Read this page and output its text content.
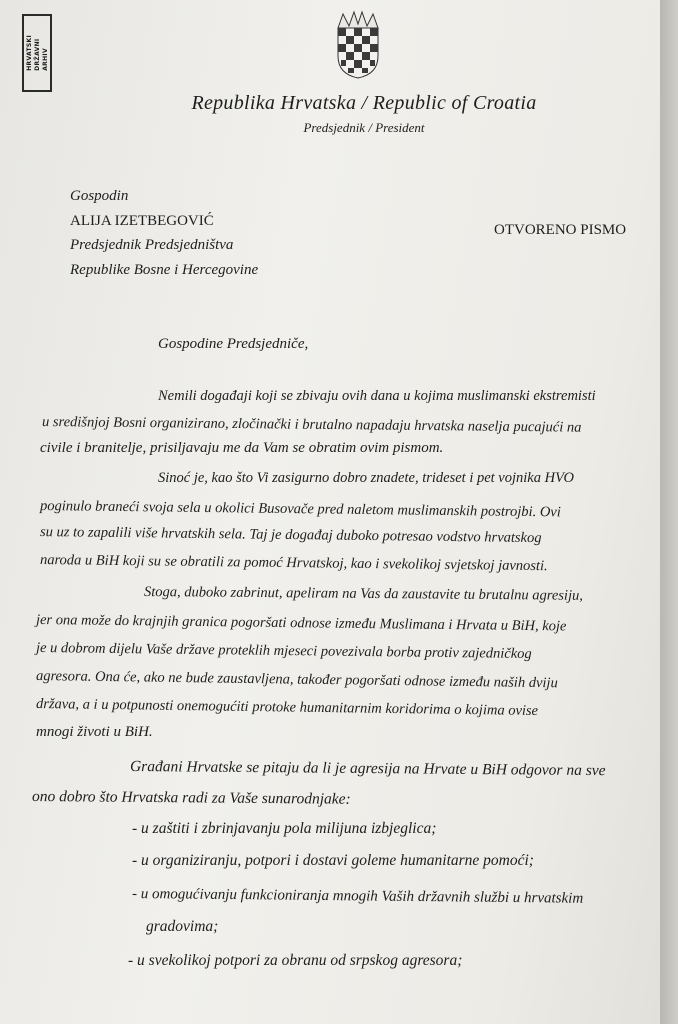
HRVATSKI DRŽAVNI ARHIV
Republika Hrvatska / Republic of Croatia
Predsjednik / President
Gospodin
ALIJA IZETBEGOVIĆ
Predsjednik Predsjedništva
Republike Bosne i Hercegovine
OTVORENO PISMO
Gospodine Predsjedniče,
Nemili događaji koji se zbivaju ovih dana u kojima muslimanski ekstremisti
u središnjoj Bosni organizirano, zločinački i brutalno napadaju hrvatska naselja pucajući na
civile i branitelje, prisiljavaju me da Vam se obratim ovim pismom.
Sinoć je, kao što Vi zasigurno dobro znadete, trideset i pet vojnika HVO
poginulo braneći svoja sela u okolici Busovače pred naletom muslimanskih postrojbi. Ovi
su uz to zapalili više hrvatskih sela. Taj je događaj duboko potresao vodstvo hrvatskog
naroda u BiH koji su se obratili za pomoć Hrvatskoj, kao i svekolikoj svjetskoj javnosti.
Stoga, duboko zabrinut, apeliram na Vas da zaustavite tu brutalnu agresiju,
jer ona može do krajnjih granica pogoršati odnose između Muslimana i Hrvata u BiH, koje
je u dobrom dijelu Vaše države proteklih mjeseci povezivala borba protiv zajedničkog
agresora. Ona će, ako ne bude zaustavljena, također pogoršati odnose između naših dviju
država, a i u potpunosti onemogućiti protoke humanitarnim koridorima o kojima ovise
mnogi životi u BiH.
Građani Hrvatske se pitaju da li je agresija na Hrvate u BiH odgovor na sve
ono dobro što Hrvatska radi za Vaše sunarodnjake:
- u zaštiti i zbrinjavanju pola milijuna izbjeglica;
- u organiziranju, potpori i dostavi goleme humanitarne pomoći;
- u omogućivanju funkcioniranja mnogih Vaših državnih službi u hrvatskim
gradovima;
- u svekolikoj potpori za obranu od srpskog agresora;
